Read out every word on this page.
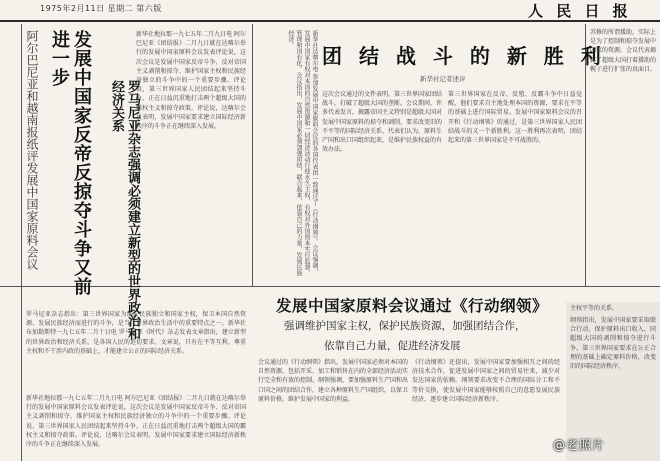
1975年2月11日 星期二 第六版	人 民 日 报
阿尔巴尼亚和越南报纸评发展中国家原料会议	发展中国家反帝反掠夺斗争又前进一步
罗马尼亚杂志强调必须建立新型的世界政治和经济关系
新华社地拉那一九七五年二月九日电 阿尔巴尼亚《团结报》二月九日就在达喀尔举行的发展中国家原料会议发表评论说，这次会议是发展中国家反帝斗争、反对帝国主义剥削和掠夺、维护国家主权和民族经济独立的斗争中的一个重要步骤。评论说，第三世界国家人民团结起来坚持斗争，正在日益沉重地打击两个超级大国的霸权主义和掠夺政策。评论说，达喀尔会议表明，发展中国家要求建立国际经济新秩序的斗争正在继续深入发展。
罗马尼亚杂志指出：第三世界国家为维护民族独立和国家主权，保卫本国自然资源、发展民族经济而进行的斗争，是当代世界政治生活中的重要特点之一。新华社布加勒斯特一九七五年二月十日电 罗马尼亚《时代》杂志发表文章指出，建立新型的世界政治和经济关系，是各国人民的迫切要求。文章说，只有在平等互利、尊重主权和不干涉内政的基础上，才能建立公正的国际经济关系。
新华社达喀尔电 参加发展中国家原料会议的各国代表团一致通过了《行动纲领》。会议强调，发展中国家有权对本国的自然资源和一切经济活动行使永久主权，有权对外国资本实行监督、管理和国有化。会议指出，发展中国家必须加强团结，联合起来，依靠自己的力量，发展民族经济。
团 结 战 斗 的 新 胜 利
新华社记者述评
这次会议通过的文件表明，第三世界国家团结战斗，打破了超级大国的垄断。会议期间，许多代表发言，揭露帝国主义特别是超级大国对发展中国家原料的掠夺和剥削，要求改变旧的不平等的国际经济关系。代表们认为，原料生产国和出口国组织起来，是维护民族权益的有效办法。
第三世界国家在反帝、反殖、反霸斗争中日益觉醒，他们要求自主地处理本国的资源，要求在平等的基础上进行国际贸易。发展中国家原料会议的召开和《行动纲领》的通过，是第三世界国家人民团结战斗的又一个新胜利。这一胜利再次表明，团结起来的第三世界国家是不可战胜的。
苏修的所谓援助，实际上是为了控制和掠夺发展中国家的资源。会议代表揭露了超级大国打着援助的幌子进行扩张的真面目。
发展中国家原料会议通过《行动纲领》
强调维护国家主权，保护民族资源，加强团结合作，
依靠自己力量，促进经济发展
会议通过的《行动纲领》指出，发展中国家必须对本国的自然资源，包括开采、加工和销售在内的全部经济活动实行完全和有效的控制。纲领强调，要加强原料生产国和出口国之间的团结合作，建立各种原料生产国组织，以保卫原料价格，维护发展中国家的利益。
《行动纲领》还提出，发展中国家要加强相互之间的经济技术合作，促进发展中国家之间的贸易往来，减少对发达国家的依赖。纲领要求改变不合理的国际分工和不等价交换，使发展中国家能够按照自己的意愿发展民族经济，逐步建立国际经济新秩序。
新华社地拉那一九七五年二月九日电 阿尔巴尼亚《团结报》二月九日就在达喀尔举行的发展中国家原料会议发表评论说，这次会议是发展中国家反帝斗争、反对帝国主义剥削和掠夺、维护国家主权和民族经济独立的斗争中的一个重要步骤。评论说，第三世界国家人民团结起来坚持斗争，正在日益沉重地打击两个超级大国的霸权主义和掠夺政策。评论说，达喀尔会议表明，发展中国家要求建立国际经济新秩序的斗争正在继续深入发展。
主权平等的关系。
纲领指出，发展中国家要采取联合行动，保护原料出口收入，同超级大国的剥削和掠夺进行斗争。第三世界国家要求在公正合理的基础上确定原料价格，改变旧的国际经济秩序。
@老照片
